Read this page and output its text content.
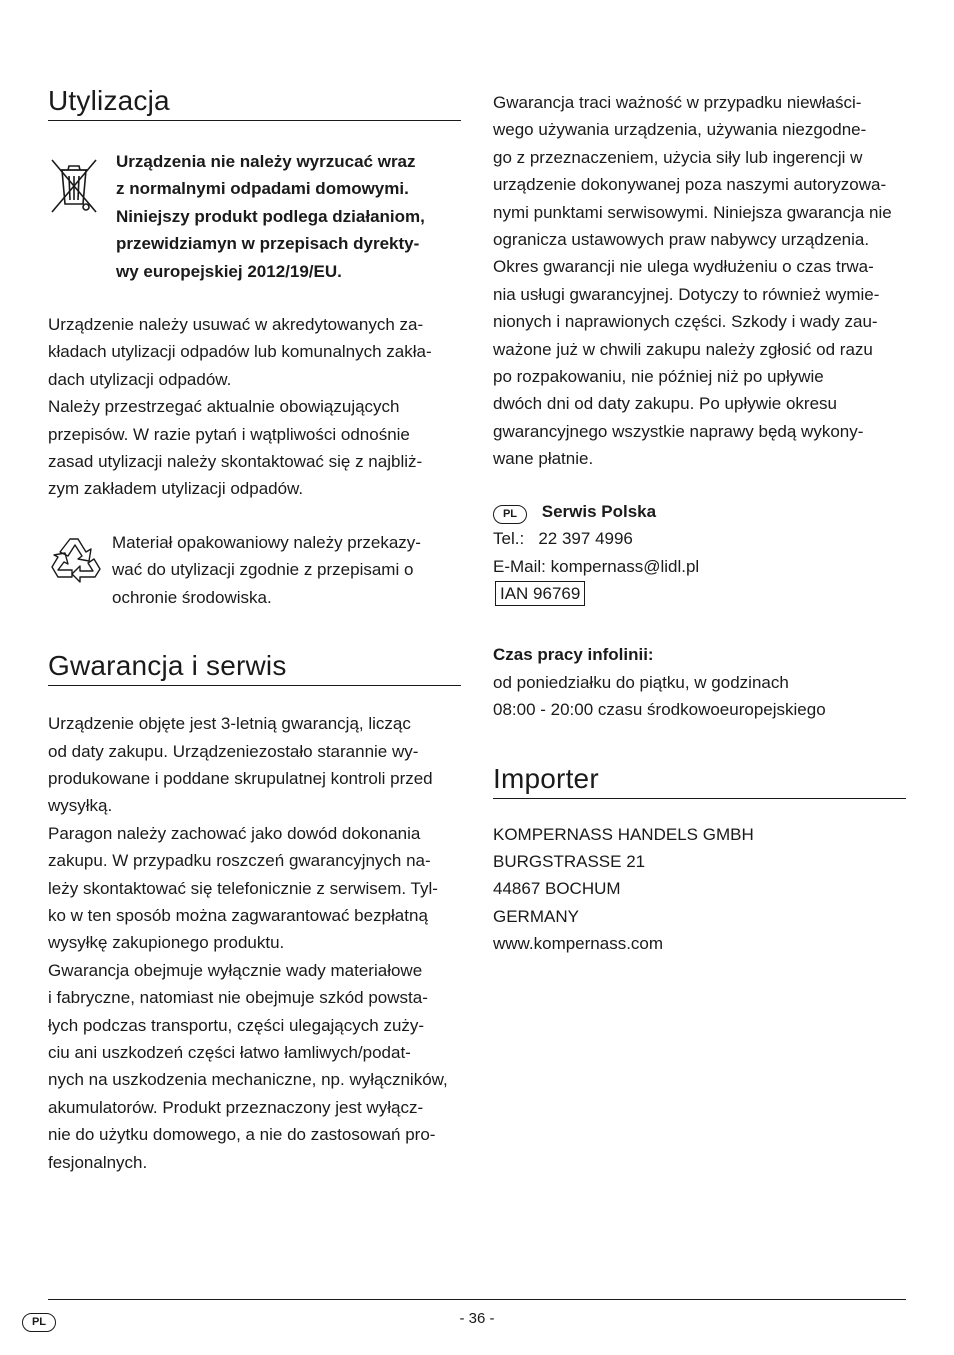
Utylizacja
Urządzenia nie należy wyrzucać wraz
z normalnymi odpadami domowymi.
Niniejszy produkt podlega działaniom,
przewidziamyn w przepisach dyrekty-
wy europejskiej 2012/19/EU.
Urządzenie należy usuwać w akredytowanych za-
kładach utylizacji odpadów lub komunalnych zakła-
dach utylizacji odpadów.
Należy przestrzegać aktualnie obowiązujących
przepisów. W razie pytań i wątpliwości odnośnie
zasad utylizacji należy skontaktować się z najbliż-
zym zakładem utylizacji odpadów.
Materiał opakowaniowy należy przekazy-
wać do utylizacji zgodnie z przepisami o
ochronie środowiska.
Gwarancja i serwis
Urządzenie objęte jest 3-letnią gwarancją, licząc
od daty zakupu. Urządzeniezostało starannie wy-
produkowane i poddane skrupulatnej kontroli przed
wysyłką.
Paragon należy zachować jako dowód dokonania
zakupu. W przypadku roszczeń gwarancyjnych na-
leży skontaktować się telefonicznie z serwisem. Tyl-
ko w ten sposób można zagwarantować bezpłatną
wysyłkę zakupionego produktu.
Gwarancja obejmuje wyłącznie wady materiałowe
i fabryczne, natomiast nie obejmuje szkód powsta-
łych podczas transportu, części ulegających zuży-
ciu ani uszkodzeń części łatwo łamliwych/podat-
nych na uszkodzenia mechaniczne, np. wyłączników,
akumulatorów. Produkt przeznaczony jest wyłącz-
nie do użytku domowego, a nie do zastosowań pro-
fesjonalnych.
Gwarancja traci ważność w przypadku niewłaści-
wego używania urządzenia, używania niezgodne-
go z przeznaczeniem, użycia siły lub ingerencji w
urządzenie dokonywanej poza naszymi autoryzowa-
nymi punktami serwisowymi. Niniejsza gwarancja nie
ogranicza ustawowych praw nabywcy urządzenia.
Okres gwarancji nie ulega wydłużeniu o czas trwa-
nia usługi gwarancyjnej. Dotyczy to również wymie-
nionych i naprawionych części. Szkody i wady zau-
ważone już w chwili zakupu należy zgłosić od razu
po rozpakowaniu, nie później niż po upływie
dwóch dni od daty zakupu. Po upływie okresu
gwarancyjnego wszystkie naprawy będą wykony-
wane płatnie.
PL Serwis Polska
Tel.:   22 397 4996
E-Mail: kompernass@lidl.pl
IAN 96769
Czas pracy infolinii:
od poniedziałku do piątku, w godzinach
08:00 - 20:00 czasu środkowoeuropejskiego
Importer
KOMPERNASS HANDELS GMBH
BURGSTRASSE 21
44867 BOCHUM
GERMANY
www.kompernass.com
PL	- 36 -
